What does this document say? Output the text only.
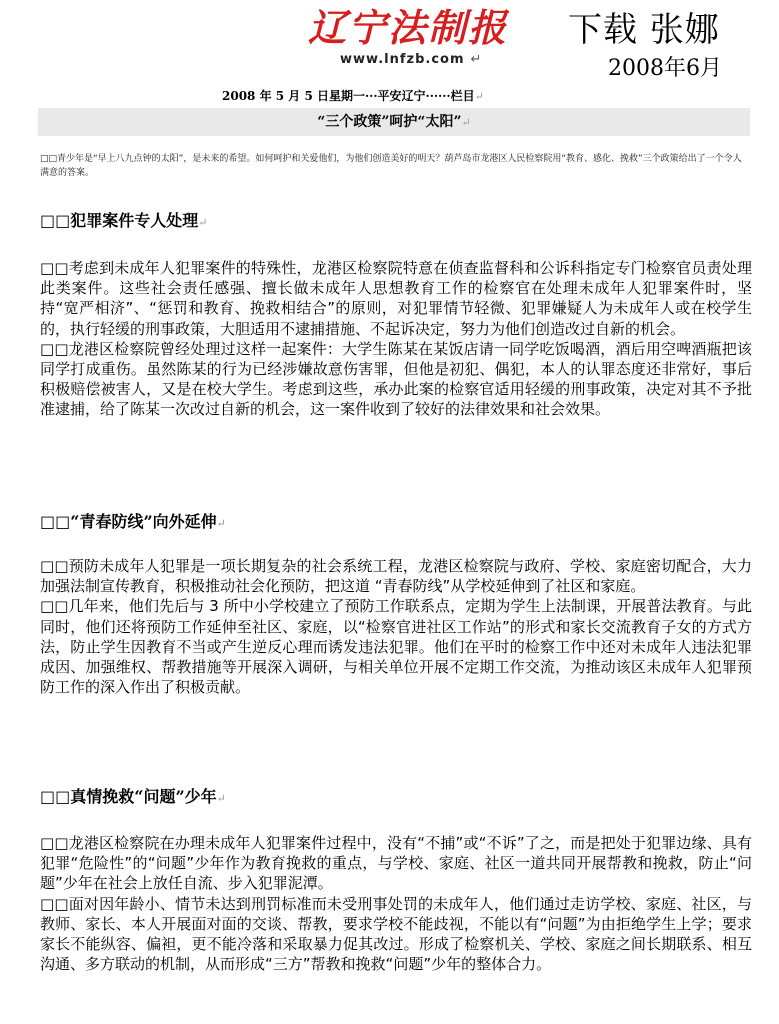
辽宁法制报
www.lnfzb.com ↵
下载 张娜
2008年6月
2008 年 5 月 5 日星期一···平安辽宁······栏目↵
“三个政策”呵护“太阳”↵
□□青少年是“早上八九点钟的太阳”，是未来的希望。如何呵护和关爱他们，为他们创造美好的明天？葫芦岛市龙港区人民检察院用“教育、感化、挽救”三个政策给出了一个令人满意的答案。
□□犯罪案件专人处理↵

□□考虑到未成年人犯罪案件的特殊性，龙港区检察院特意在侦查监督科和公诉科指定专门检察官员责处理此类案件。这些社会责任感强、擅长做未成年人思想教育工作的检察官在处理未成年人犯罪案件时，坚持“宽严相济”、“惩罚和教育、挽救相结合”的原则，对犯罪情节轻微、犯罪嫌疑人为未成年人或在校学生的，执行轻缓的刑事政策，大胆适用不逮捕措施、不起诉决定，努力为他们创造改过自新的机会。

□□龙港区检察院曾经处理过这样一起案件：大学生陈某在某饭店请一同学吃饭喝酒，酒后用空啤酒瓶把该同学打成重伤。虽然陈某的行为已经涉嫌故意伤害罪，但他是初犯、偶犯，本人的认罪态度还非常好，事后积极赔偿被害人，又是在校大学生。考虑到这些，承办此案的检察官适用轻缓的刑事政策，决定对其不予批准逮捕，给了陈某一次改过自新的机会，这一案件收到了较好的法律效果和社会效果。

□□“青春防线”向外延伸↵

□□预防未成年人犯罪是一项长期复杂的社会系统工程，龙港区检察院与政府、学校、家庭密切配合，大力加强法制宣传教育，积极推动社会化预防，把这道 “青春防线”从学校延伸到了社区和家庭。

□□几年来，他们先后与 3 所中小学校建立了预防工作联系点，定期为学生上法制课，开展普法教育。与此同时，他们还将预防工作延伸至社区、家庭，以“检察官进社区工作站”的形式和家长交流教育子女的方式方法，防止学生因教育不当或产生逆反心理而诱发违法犯罪。他们在平时的检察工作中还对未成年人违法犯罪成因、加强维权、帮教措施等开展深入调研，与相关单位开展不定期工作交流，为推动该区未成年人犯罪预防工作的深入作出了积极贡献。

□□真情挽救“问题”少年↵

□□龙港区检察院在办理未成年人犯罪案件过程中，没有“不捕”或“不诉”了之，而是把处于犯罪边缘、具有犯罪“危险性”的“问题”少年作为教育挽救的重点，与学校、家庭、社区一道共同开展帮教和挽救，防止“问题”少年在社会上放任自流、步入犯罪泥潭。

□□面对因年龄小、情节未达到刑罚标准而未受刑事处罚的未成年人，他们通过走访学校、家庭、社区，与教师、家长、本人开展面对面的交谈、帮教，要求学校不能歧视，不能以有“问题”为由拒绝学生上学；要求家长不能纵容、偏袒，更不能冷落和采取暴力促其改过。形成了检察机关、学校、家庭之间长期联系、相互沟通、多方联动的机制，从而形成“三方”帮教和挽救“问题”少年的整体合力。
